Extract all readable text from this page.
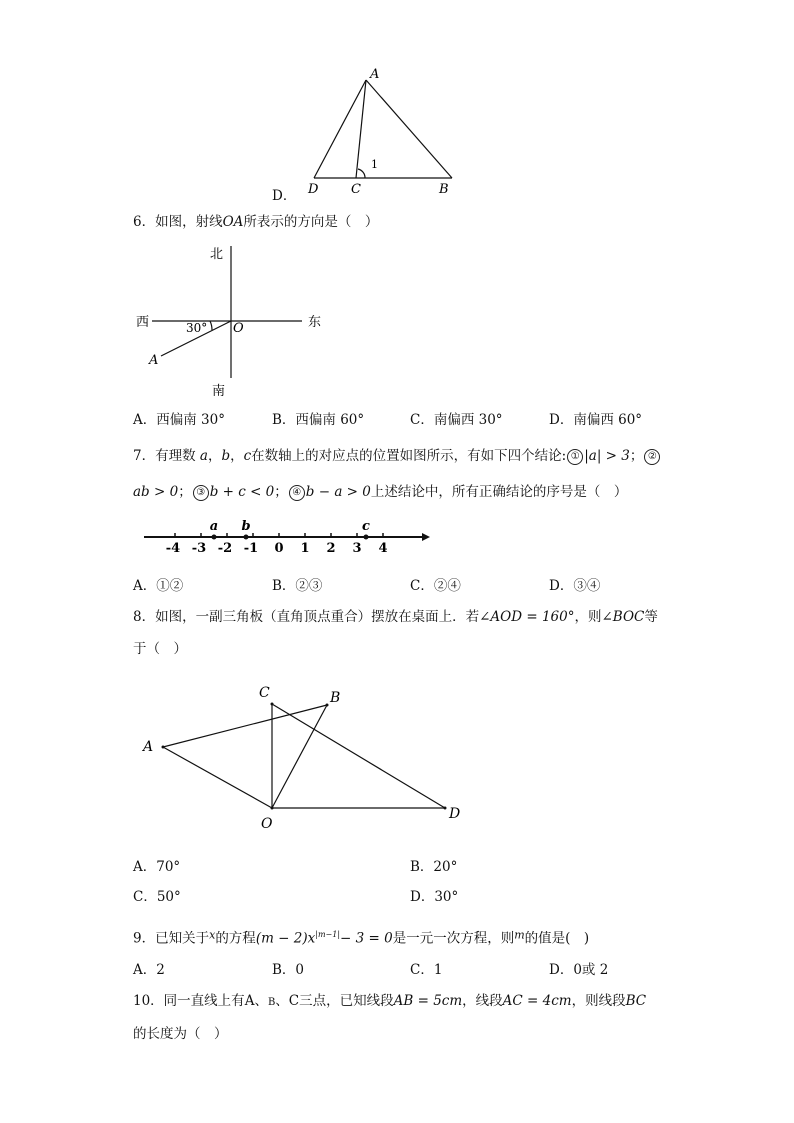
D．
A
D	C	B
1
6．如图，射线OA所表示的方向是（　）
北
西	东
南
30° O
A
A．西偏南 30°	B．西偏南 60°	C．南偏西 30°	D．南偏西 60°
7．有理数 a，b，c在数轴上的对应点的位置如图所示，有如下四个结论: ① |a| > 3； ②
ab > 0； ③ b + c < 0； ④ b − a > 0上述结论中，所有正确结论的序号是（　）
-4 -3 -2 -1 0 1 2 3 4
a b	c
A．①②	B．②③	C．②④	D．③④
8．如图，一副三角板（直角顶点重合）摆放在桌面上．若∠AOD = 160°，则∠BOC等
于（　）
C	B
A
O
D
A．70°	B．20°
C．50°	D．30°
9．已知关于$^x$的方程$(m - 2)x^{|m-1|}- 3 = 0$是一元一次方程，则$^m$的值是(　)
A．2	B．0	C．1	D．0或 2
10．同一直线上有A、B、C三点，已知线段AB = 5cm，线段AC = 4cm，则线段BC
的长度为（　）
